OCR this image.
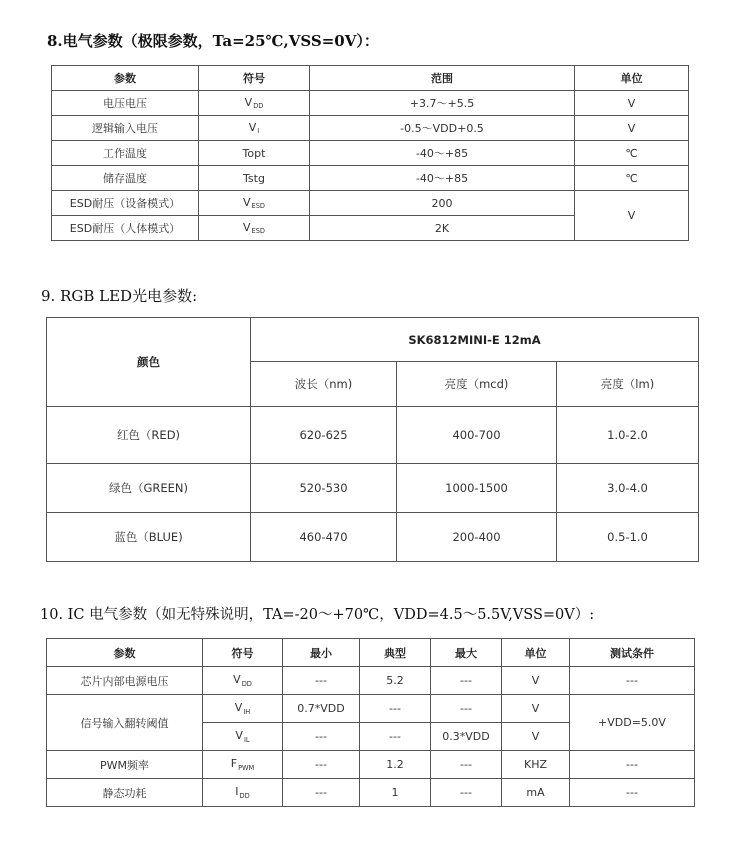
8.电气参数（极限参数，Ta=25℃,VSS=0V）：
参数	符号	范围	单位
电压电压	$V_{DD}$	+3.7～+5.5	V
逻辑输入电压	$V_I$	-0.5～VDD+0.5	V
工作温度	Topt	-40～+85	℃
储存温度	Tstg	-40～+85	℃
ESD耐压（设备模式）	$V_{ESD}$	200	V
ESD耐压（人体模式）	$V_{ESD}$	2K	
9. RGB LED光电参数:
颜色	SK6812MINI-E 12mA		
	波长（nm)	亮度（mcd)	亮度（lm)
红色（RED)	620-625	400-700	1.0-2.0
绿色（GREEN)	520-530	1000-1500	3.0-4.0
蓝色（BLUE)	460-470	200-400	0.5-1.0
10. IC 电气参数（如无特殊说明，TA=-20～+70℃，VDD=4.5～5.5V,VSS=0V）:
参数	符号	最小	典型	最大	单位	测试条件
芯片内部电源电压	$V_{DD}$	---	5.2	---	V	---
信号输入翻转阈值	$V_{IH}$	0.7*VDD	---	---	V	+VDD=5.0V
	$V_{IL}$	---	---	0.3*VDD	V	
PWM频率	$F_{PWM}$	---	1.2	---	KHZ	---
静态功耗	$I_{DD}$	---	1	---	mA	---
